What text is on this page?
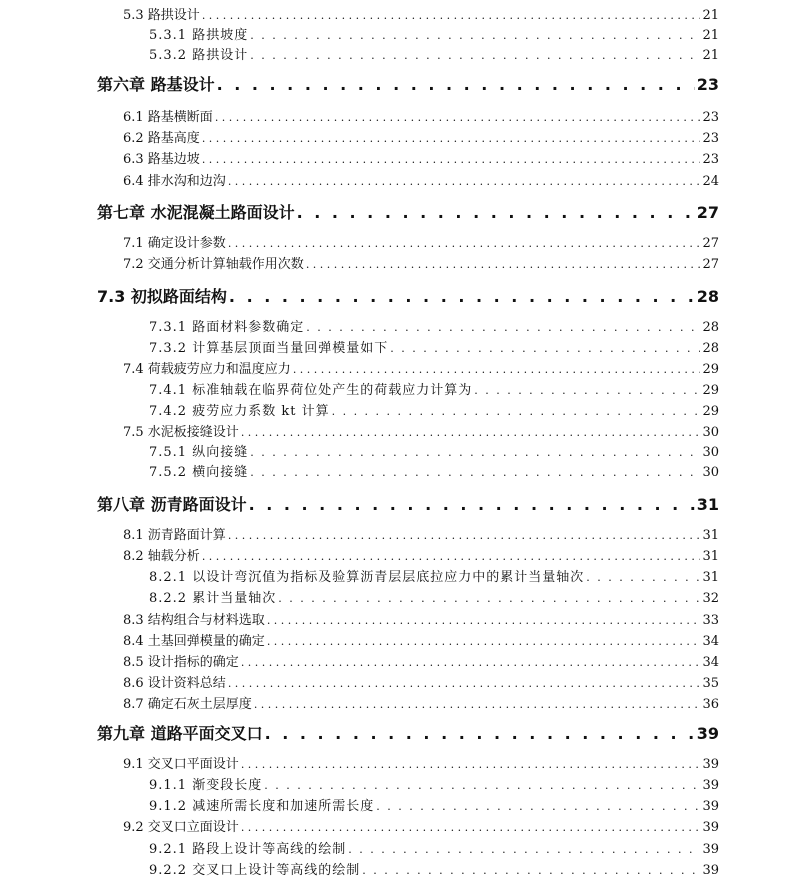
5.3 路拱设计 . . .	21
5.3.1 路拱坡度 . . .	21
5.3.2 路拱设计 . . .	21
第六章 路基设计 . . .	23
6.1 路基横断面 . . .	23
6.2 路基高度 . . .	23
6.3 路基边坡 . . .	23
6.4 排水沟和边沟 . . .	24
第七章 水泥混凝土路面设计 . . .	27
7.1 确定设计参数 . . .	27
7.2 交通分析计算轴载作用次数 . . .	27
7.3 初拟路面结构 . . .	28
7.3.1 路面材料参数确定 . . .	28
7.3.2 计算基层顶面当量回弹模量如下 . . .	28
7.4 荷载疲劳应力和温度应力 . . .	29
7.4.1 标准轴载在临界荷位处产生的荷载应力计算为 . . .	29
7.4.2 疲劳应力系数 kt 计算 . . .	29
7.5 水泥板接缝设计 . . .	30
7.5.1 纵向接缝 . . .	30
7.5.2 横向接缝 . . .	30
第八章 沥青路面设计 . . .	31
8.1 沥青路面计算 . . .	31
8.2 轴载分析 . . .	31
8.2.1 以设计弯沉值为指标及验算沥青层层底拉应力中的累计当量轴次 . . .	31
8.2.2 累计当量轴次 . . .	32
8.3 结构组合与材料选取 . . .	33
8.4 土基回弹模量的确定 . . .	34
8.5 设计指标的确定 . . .	34
8.6 设计资料总结 . . .	35
8.7 确定石灰土层厚度 . . .	36
第九章 道路平面交叉口 . . .	39
9.1 交叉口平面设计 . . .	39
9.1.1 渐变段长度 . . .	39
9.1.2 减速所需长度和加速所需长度 . . .	39
9.2 交叉口立面设计 . . .	39
9.2.1 路段上设计等高线的绘制 . . .	39
9.2.2 交叉口上设计等高线的绘制 . . .	39
